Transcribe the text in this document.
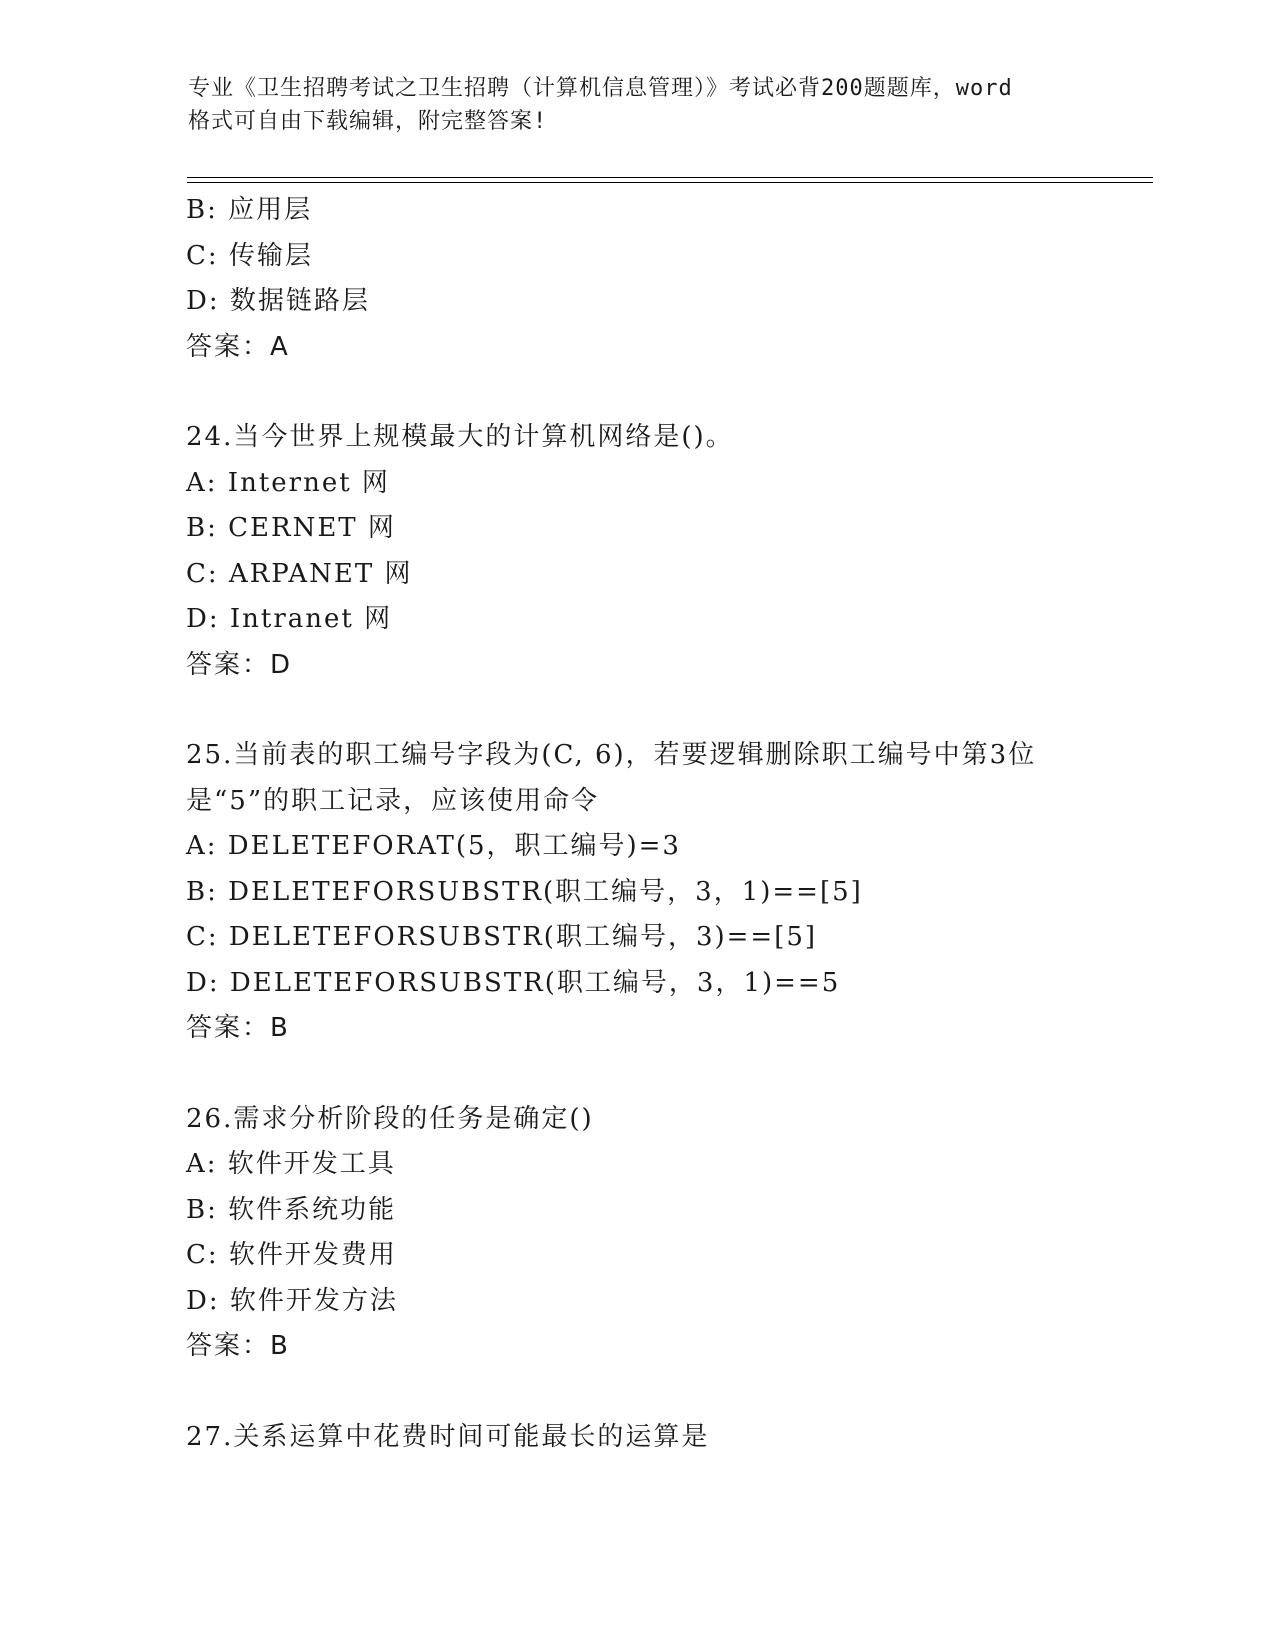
专业《卫生招聘考试之卫生招聘（计算机信息管理）》考试必背200题题库，word
格式可自由下载编辑，附完整答案!
B: 应用层
C: 传输层
D: 数据链路层
答案：A
24.当今世界上规模最大的计算机网络是()。
A: Internet 网
B: CERNET 网
C: ARPANET 网
D: Intranet 网
答案：D
25.当前表的职工编号字段为(C, 6)，若要逻辑删除职工编号中第3位
是“5”的职工记录，应该使用命令
A: DELETEFORAT(5，职工编号)=3
B: DELETEFORSUBSTR(职工编号，3，1)==[5]
C: DELETEFORSUBSTR(职工编号，3)==[5]
D: DELETEFORSUBSTR(职工编号，3，1)==5
答案：B
26.需求分析阶段的任务是确定()
A: 软件开发工具
B: 软件系统功能
C: 软件开发费用
D: 软件开发方法
答案：B
27.关系运算中花费时间可能最长的运算是
